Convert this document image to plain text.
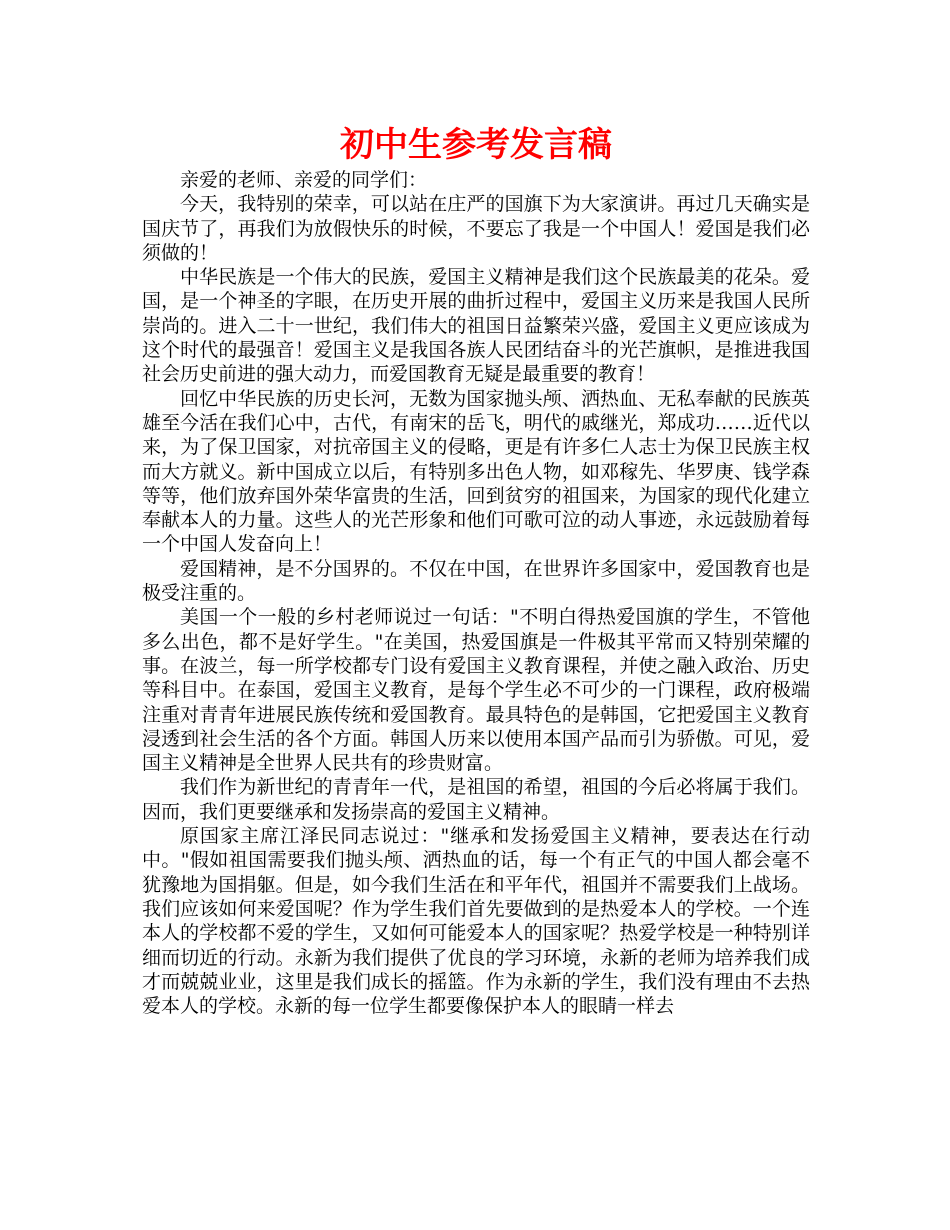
初中生参考发言稿

亲爱的老师、亲爱的同学们：

今天，我特别的荣幸，可以站在庄严的国旗下为大家演讲。再过几天确实是国庆节了，再我们为放假快乐的时候，不要忘了我是一个中国人！爱国是我们必须做的！

中华民族是一个伟大的民族，爱国主义精神是我们这个民族最美的花朵。爱国，是一个神圣的字眼，在历史开展的曲折过程中，爱国主义历来是我国人民所崇尚的。进入二十一世纪，我们伟大的祖国日益繁荣兴盛，爱国主义更应该成为这个时代的最强音！爱国主义是我国各族人民团结奋斗的光芒旗帜，是推进我国社会历史前进的强大动力，而爱国教育无疑是最重要的教育！

回忆中华民族的历史长河，无数为国家抛头颅、洒热血、无私奉献的民族英雄至今活在我们心中，古代，有南宋的岳飞，明代的戚继光，郑成功……近代以来，为了保卫国家，对抗帝国主义的侵略，更是有许多仁人志士为保卫民族主权而大方就义。新中国成立以后，有特别多出色人物，如邓稼先、华罗庚、钱学森等等，他们放弃国外荣华富贵的生活，回到贫穷的祖国来，为国家的现代化建立奉献本人的力量。这些人的光芒形象和他们可歌可泣的动人事迹，永远鼓励着每一个中国人发奋向上！

爱国精神，是不分国界的。不仅在中国，在世界许多国家中，爱国教育也是极受注重的。

美国一个一般的乡村老师说过一句话："不明白得热爱国旗的学生，不管他多么出色，都不是好学生。"在美国，热爱国旗是一件极其平常而又特别荣耀的事。在波兰，每一所学校都专门设有爱国主义教育课程，并使之融入政治、历史等科目中。在泰国，爱国主义教育，是每个学生必不可少的一门课程，政府极端注重对青青年进展民族传统和爱国教育。最具特色的是韩国，它把爱国主义教育浸透到社会生活的各个方面。韩国人历来以使用本国产品而引为骄傲。可见，爱国主义精神是全世界人民共有的珍贵财富。

我们作为新世纪的青青年一代，是祖国的希望，祖国的今后必将属于我们。因而，我们更要继承和发扬崇高的爱国主义精神。

原国家主席江泽民同志说过："继承和发扬爱国主义精神，要表达在行动中。"假如祖国需要我们抛头颅、洒热血的话，每一个有正气的中国人都会毫不犹豫地为国捐躯。但是，如今我们生活在和平年代，祖国并不需要我们上战场。我们应该如何来爱国呢？作为学生我们首先要做到的是热爱本人的学校。一个连本人的学校都不爱的学生，又如何可能爱本人的国家呢？热爱学校是一种特别详细而切近的行动。永新为我们提供了优良的学习环境，永新的老师为培养我们成才而兢兢业业，这里是我们成长的摇篮。作为永新的学生，我们没有理由不去热爱本人的学校。永新的每一位学生都要像保护本人的眼睛一样去
